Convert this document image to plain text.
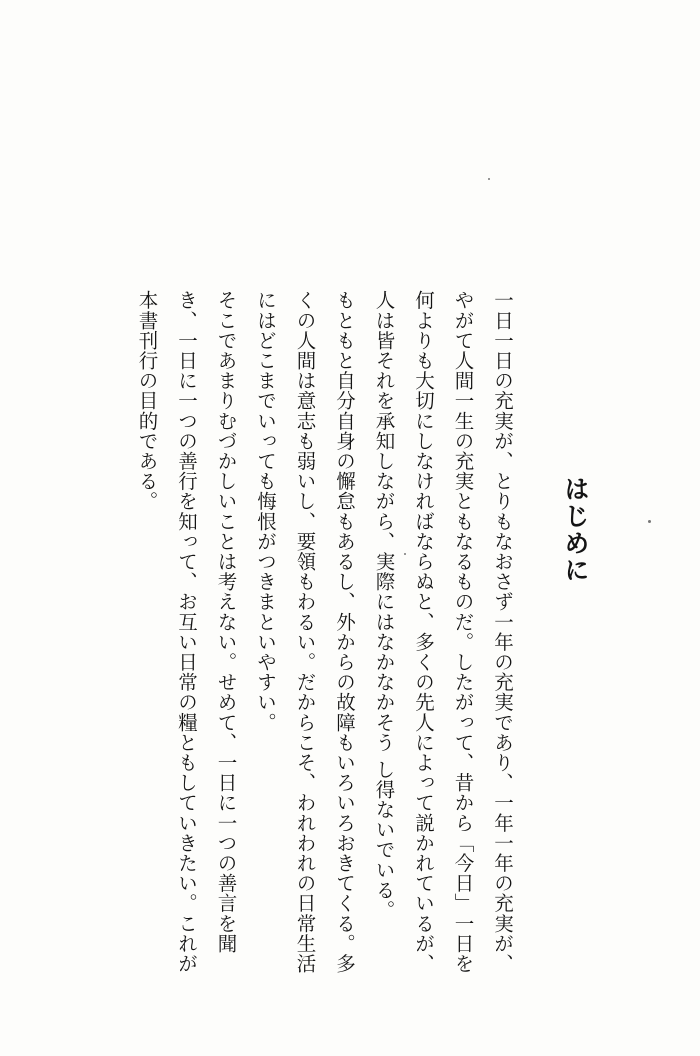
はじめに

一日一日の充実が、とりもなおさず一年の充実であり、一年一年の充実が、やがて人間一生の充実ともなるものだ。したがって、昔から「今日」一日を何よりも大切にしなければならぬと、多くの先人によって説かれているが、人は皆それを承知しながら、実際にはなかなかそう し得ないでいる。

もともと自分自身の懈怠もあるし、外からの故障もいろいろおきてくる。多くの人間は意志も弱いし、要領もわるい。だからこそ、われわれの日常生活にはどこまでいっても悔恨がつきまといやすい。

そこであまりむづかしいことは考えない。せめて、一日に一つの善言を聞き、一日に一つの善行を知って、お互い日常の糧ともしていきたい。これが本書刊行の目的である。
